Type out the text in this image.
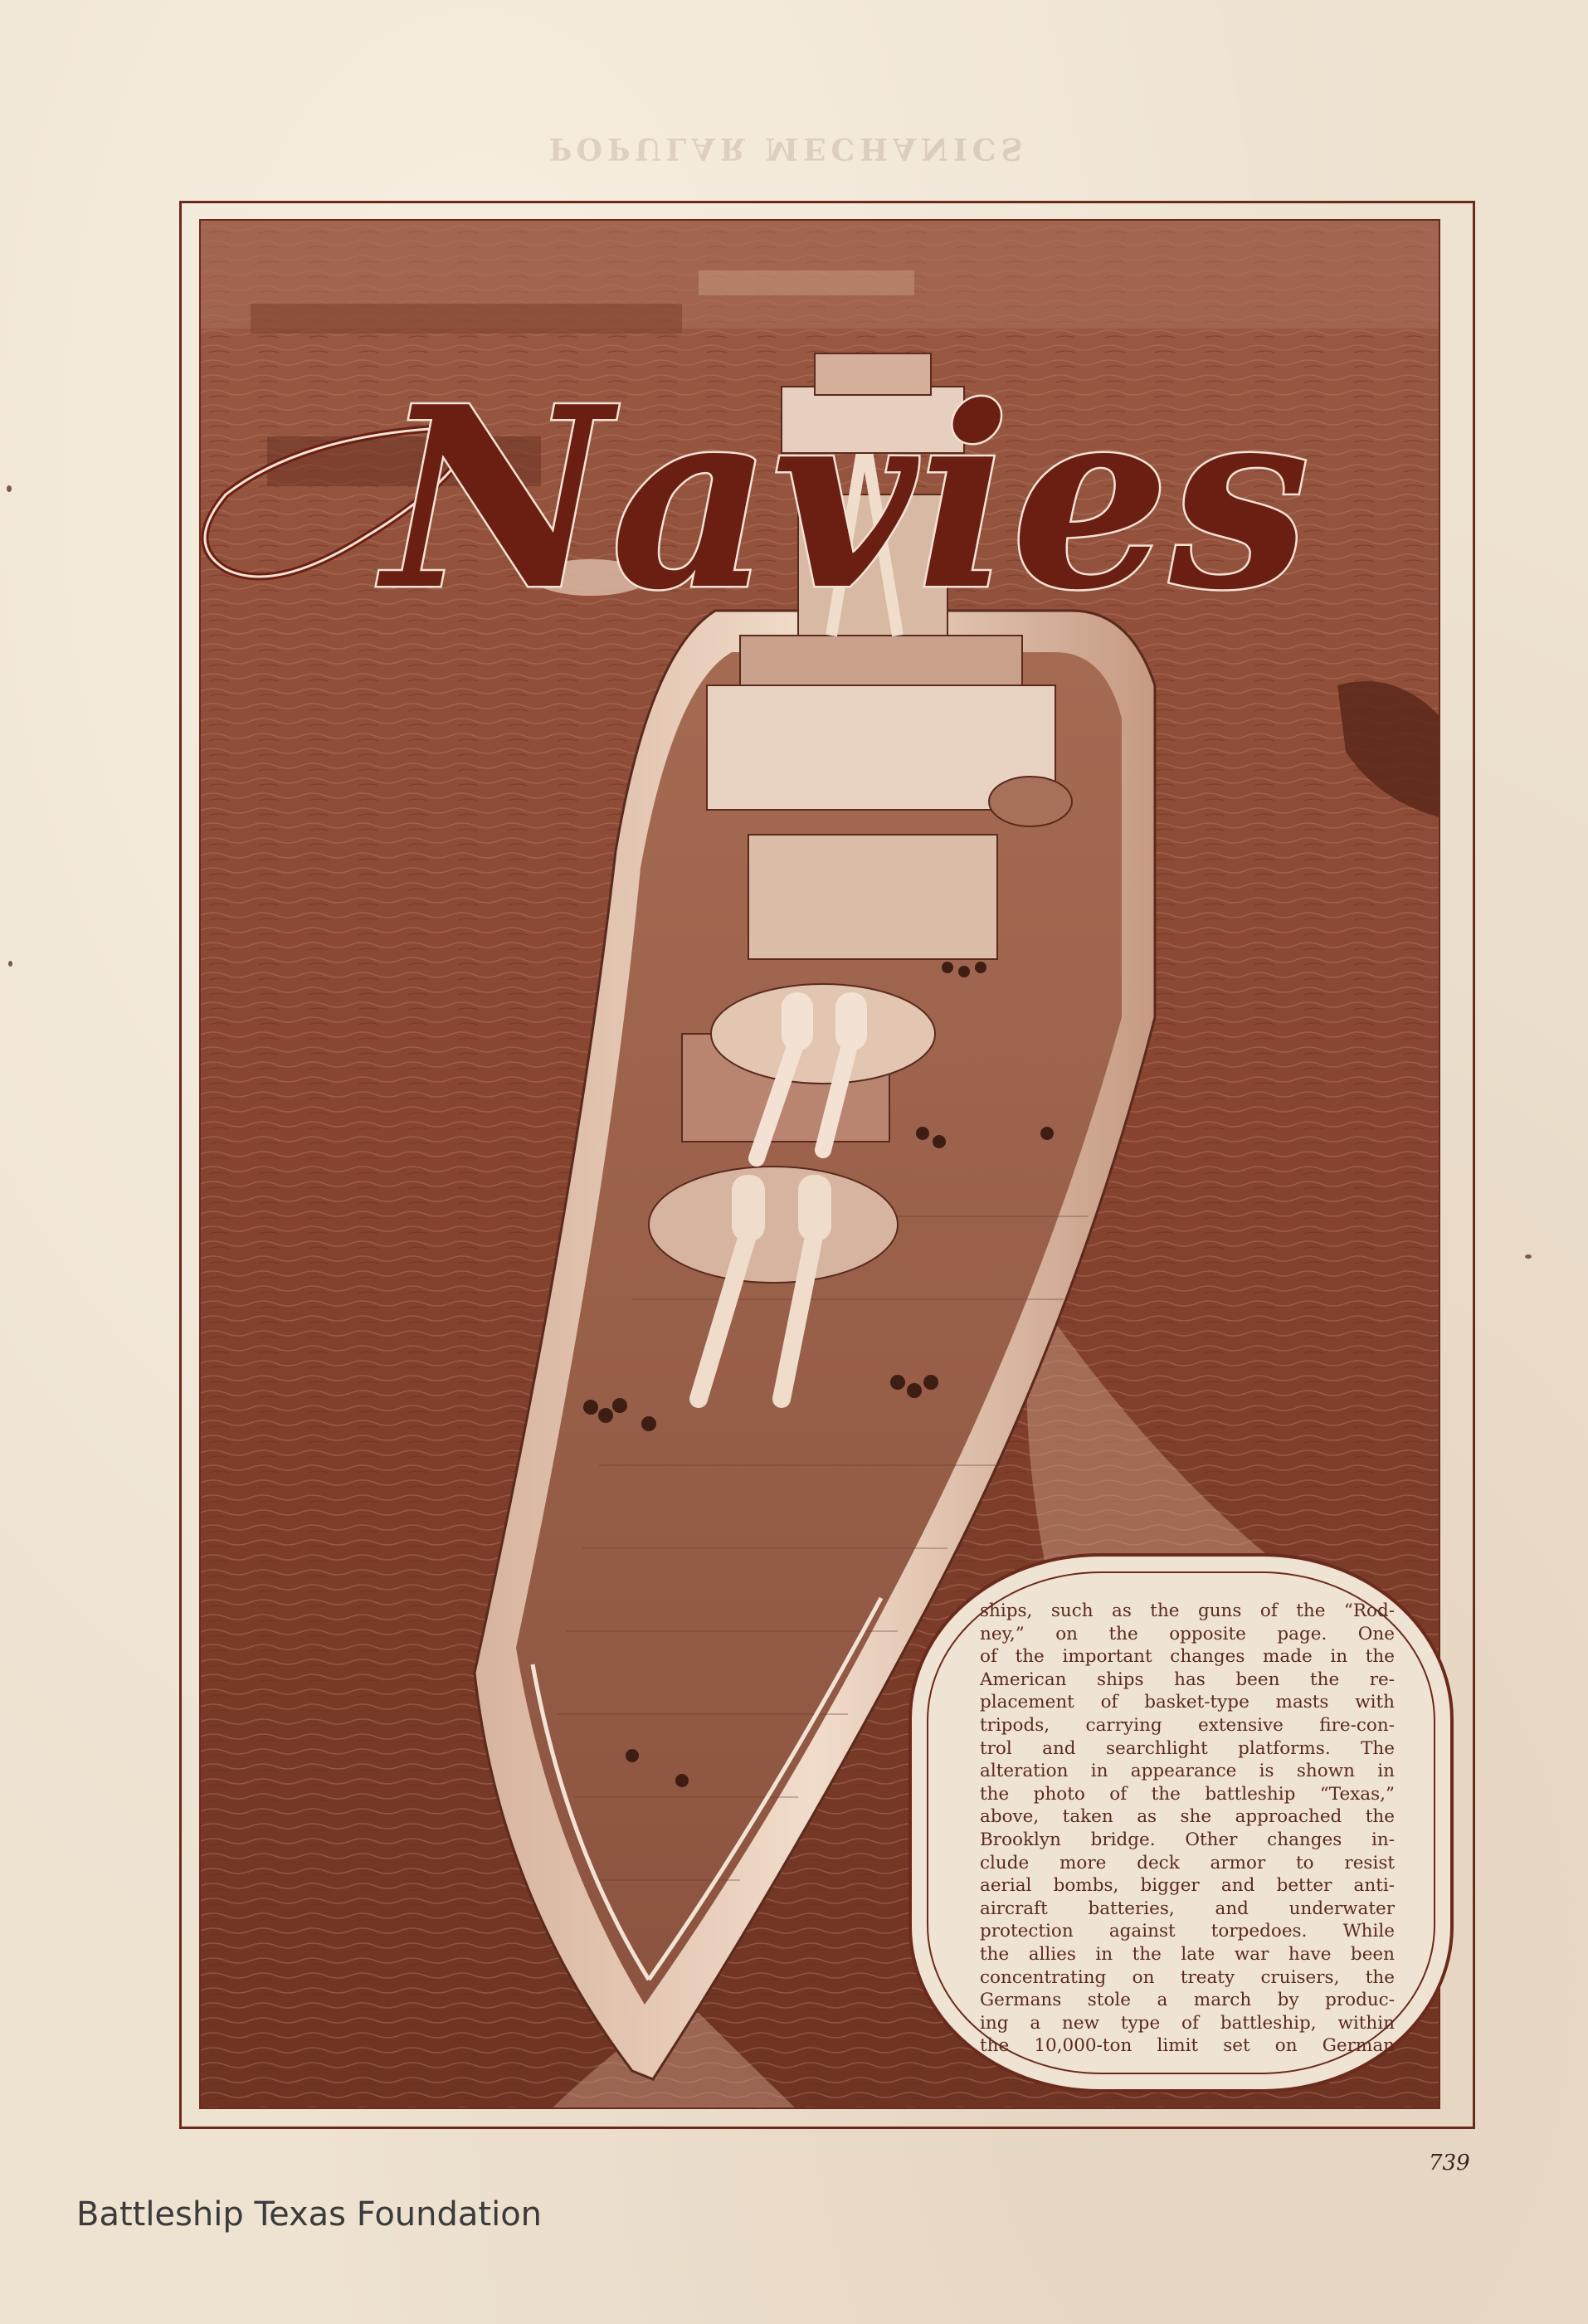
POPULAR MECHANICS
Navies
ships, such as the guns of the “Rod-
ney,” on the opposite page. One
of the important changes made in the
American ships has been the re-
placement of basket-type masts with
tripods, carrying extensive fire-con-
trol and searchlight platforms. The
alteration in appearance is shown in
the photo of the battleship “Texas,”
above, taken as she approached the
Brooklyn bridge. Other changes in-
clude more deck armor to resist
aerial bombs, bigger and better anti-
aircraft batteries, and underwater
protection against torpedoes. While
the allies in the late war have been
concentrating on treaty cruisers, the
Germans stole a march by produc-
ing a new type of battleship, within
the 10,000-ton limit set on German
739
Battleship Texas Foundation
